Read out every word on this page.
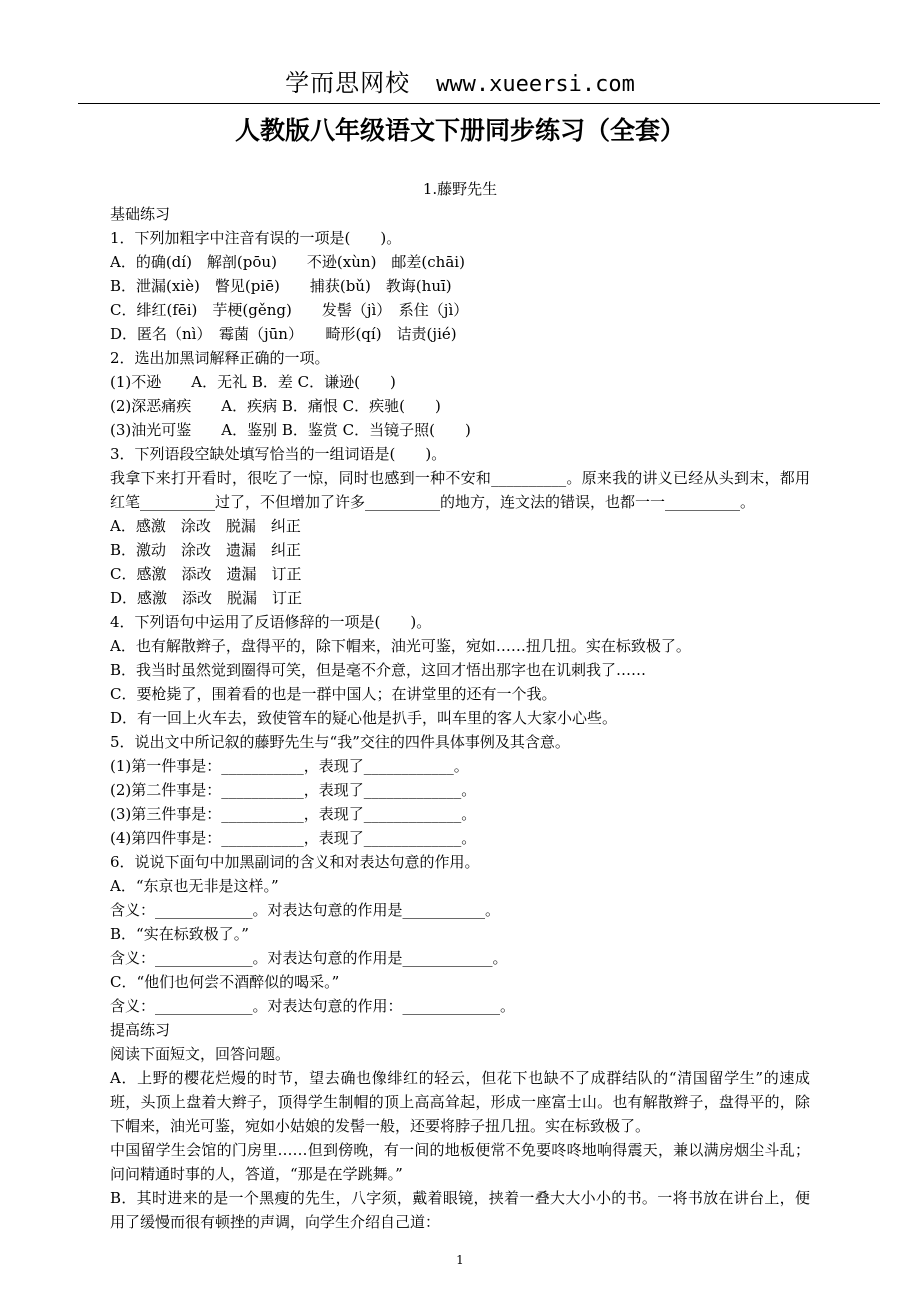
学而思网校 www.xueersi.com
人教版八年级语文下册同步练习（全套）
1.藤野先生
基础练习
1．下列加粗字中注音有误的一项是(　　)。
A．的确(dí)　解剖(pōu)　　不逊(xùn)　邮差(chāi)
B．泄漏(xiè)　瞥见(piē)　　捕获(bǔ)　教诲(huī)
C．绯红(fēi)　芋梗(gěng)　　发髻（jì）　系住（jì）
D．匿名（nì）　霉菌（jūn）　　畸形(qí)　诘责(jié)
2．选出加黑词解释正确的一项。
(1)不逊　　A．无礼 B．差 C．谦逊(　　)
(2)深恶痛疾　　A．疾病 B．痛恨 C．疾驰(　　)
(3)油光可鉴　　A．鉴别 B．鉴赏 C．当镜子照(　　)
3．下列语段空缺处填写恰当的一组词语是(　　)。
我拿下来打开看时，很吃了一惊，同时也感到一种不安和__________。原来我的讲义已经从头到末，都用红笔__________过了，不但增加了许多__________的地方，连文法的错误，也都一一__________。
A．感激　涂改　脱漏　纠正
B．激动　涂改　遗漏　纠正
C．感激　添改　遗漏　订正
D．感激　添改　脱漏　订正
4．下列语句中运用了反语修辞的一项是(　　)。
A．也有解散辫子，盘得平的，除下帽来，油光可鉴，宛如……扭几扭。实在标致极了。
B．我当时虽然觉到圈得可笑，但是毫不介意，这回才悟出那字也在讥刺我了……
C．要枪毙了，围着看的也是一群中国人；在讲堂里的还有一个我。
D．有一回上火车去，致使管车的疑心他是扒手，叫车里的客人大家小心些。
5．说出文中所记叙的藤野先生与“我”交往的四件具体事例及其含意。
(1)第一件事是：___________，表现了____________。
(2)第二件事是：___________，表现了_____________。
(3)第三件事是：___________，表现了_____________。
(4)第四件事是：___________，表现了_____________。
6．说说下面句中加黑副词的含义和对表达句意的作用。
A．“东京也无非是这样。”
含义：_____________。对表达句意的作用是___________。
B．“实在标致极了。”
含义：_____________。对表达句意的作用是____________。
C．“他们也何尝不酒醉似的喝采。”
含义：_____________。对表达句意的作用：_____________。
提高练习
阅读下面短文，回答问题。
A．上野的樱花烂熳的时节，望去确也像绯红的轻云，但花下也缺不了成群结队的“清国留学生”的速成班，头顶上盘着大辫子，顶得学生制帽的顶上高高耸起，形成一座富士山。也有解散辫子，盘得平的，除下帽来，油光可鉴，宛如小姑娘的发髻一般，还要将脖子扭几扭。实在标致极了。
中国留学生会馆的门房里……但到傍晚，有一间的地板便常不免要咚咚地响得震天，兼以满房烟尘斗乱；问问精通时事的人，答道，“那是在学跳舞。”
B．其时进来的是一个黑瘦的先生，八字须，戴着眼镜，挟着一叠大大小小的书。一将书放在讲台上，便用了缓慢而很有顿挫的声调，向学生介绍自己道：
1
